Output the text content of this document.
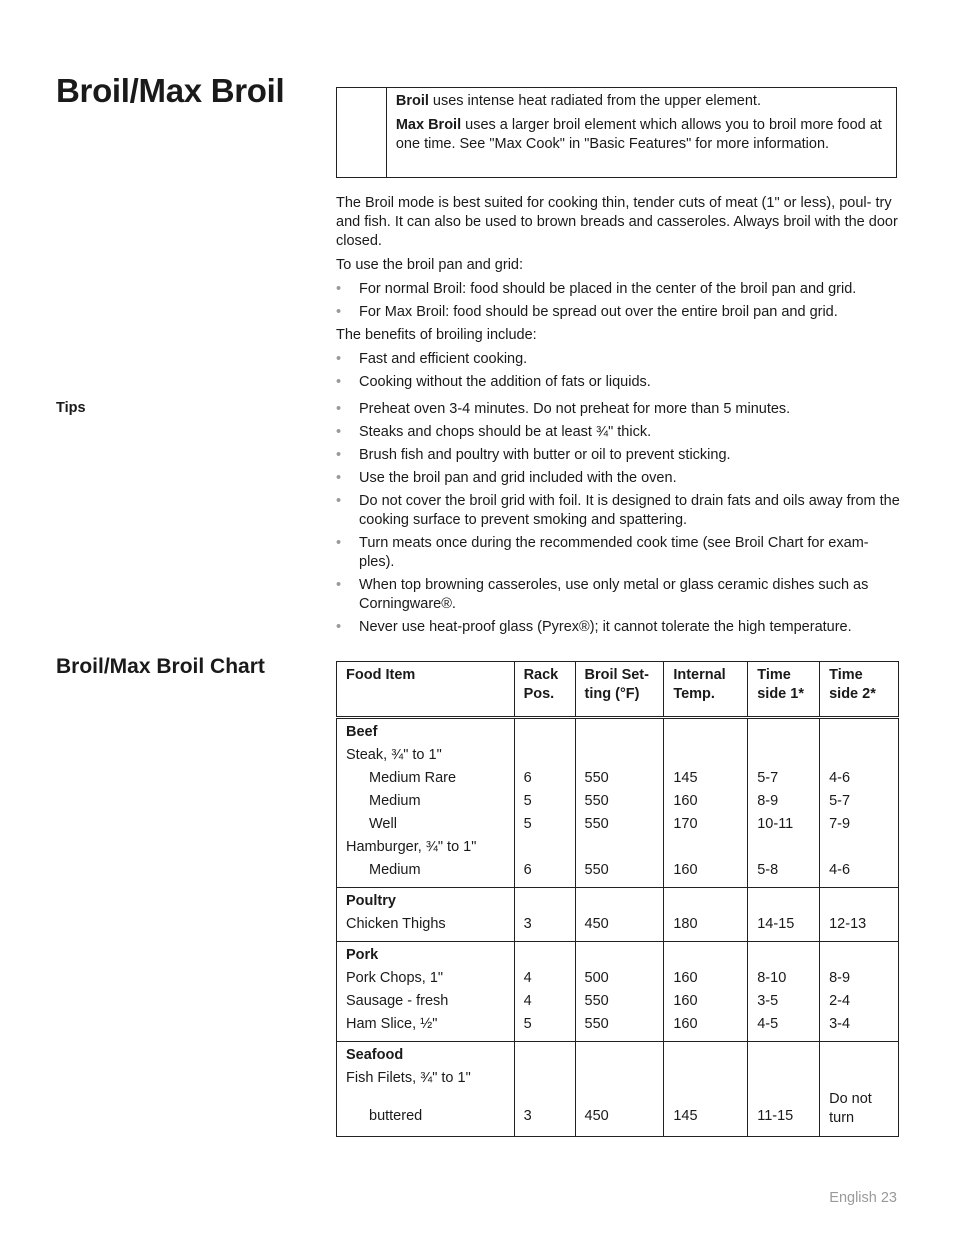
Broil/Max Broil	Broil uses intense heat radiated from the upper element.

Max Broil uses a larger broil element which allows you to broil more food at one time. See "Max Cook" in "Basic Features" for more information.

The Broil mode is best suited for cooking thin, tender cuts of meat (1" or less), poul- try and fish. It can also be used to brown breads and casseroles. Always broil with the door closed.

To use the broil pan and grid:

• For normal Broil: food should be placed in the center of the broil pan and grid.
• For Max Broil: food should be spread out over the entire broil pan and grid.

The benefits of broiling include:

• Fast and efficient cooking.
• Cooking without the addition of fats or liquids.
Tips	• Preheat oven 3-4 minutes. Do not preheat for more than 5 minutes.
• Steaks and chops should be at least ¾" thick.
• Brush fish and poultry with butter or oil to prevent sticking.
• Use the broil pan and grid included with the oven.
• Do not cover the broil grid with foil. It is designed to drain fats and oils away from the cooking surface to prevent smoking and spattering.
• Turn meats once during the recommended cook time (see Broil Chart for exam- ples).
• When top browning casseroles, use only metal or glass ceramic dishes such as Corningware®.
• Never use heat-proof glass (Pyrex®); it cannot tolerate the high temperature.
Broil/Max Broil Chart	Food Item	Rack Pos.	Broil Set- ting (°F)	Internal Temp.	Time side 1*	Time side 2*
Beef					
Steak, ¾" to 1"					
Medium Rare	6	550	145	5-7	4-6
Medium	5	550	160	8-9	5-7
Well	5	550	170	10-11	7-9
Hamburger, ¾" to 1"					
Medium	6	550	160	5-8	4-6
Poultry					
Chicken Thighs	3	450	180	14-15	12-13
Pork					
Pork Chops, 1"	4	500	160	8-10	8-9
Sausage - fresh	4	550	160	3-5	2-4
Ham Slice, ½"	5	550	160	4-5	3-4
Seafood					
Fish Filets, ¾" to 1"					
buttered	3	450	145	11-15	Do not turn
English 23
